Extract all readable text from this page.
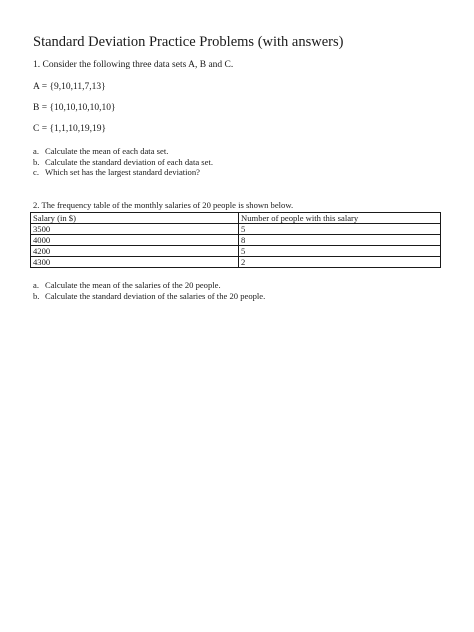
Standard Deviation Practice Problems (with answers)
1. Consider the following three data sets A, B and C.
A = {9,10,11,7,13}
B = {10,10,10,10,10}
C = {1,1,10,19,19}
a. Calculate the mean of each data set.
b. Calculate the standard deviation of each data set.
c. Which set has the largest standard deviation?
2. The frequency table of the monthly salaries of 20 people is shown below.
Salary (in $)	Number of people with this salary
3500	5
4000	8
4200	5
4300	2
a. Calculate the mean of the salaries of the 20 people.
b. Calculate the standard deviation of the salaries of the 20 people.
